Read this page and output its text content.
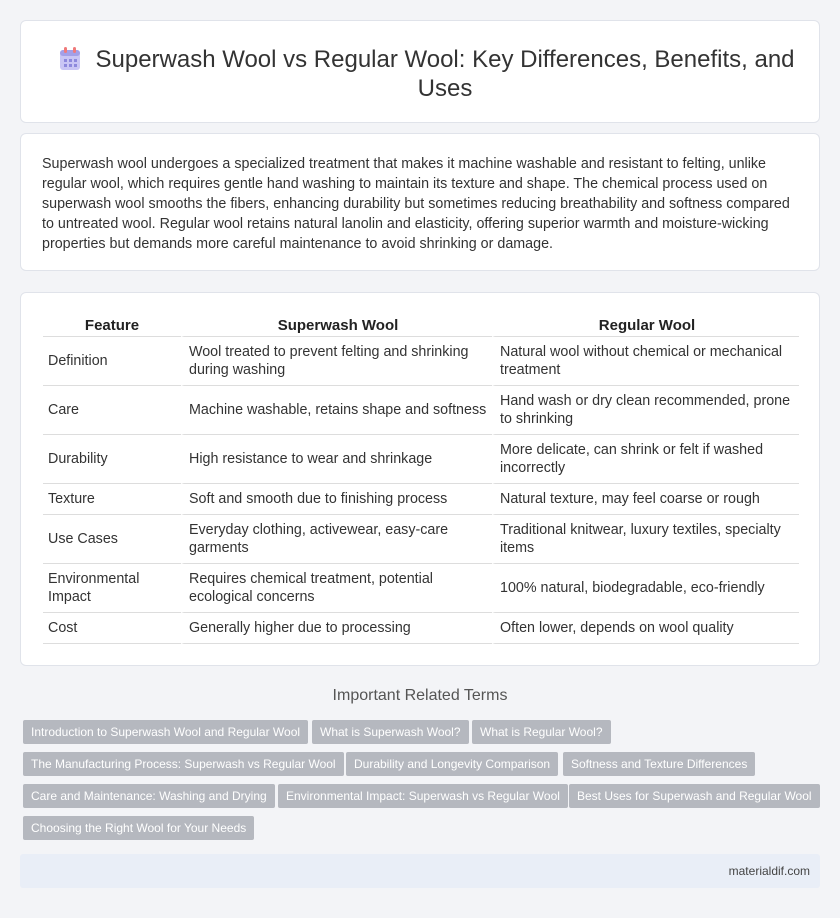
Superwash Wool vs Regular Wool: Key Differences, Benefits, and Uses

Superwash wool undergoes a specialized treatment that makes it machine washable and resistant to felting, unlike regular wool, which requires gentle hand washing to maintain its texture and shape. The chemical process used on superwash wool smooths the fibers, enhancing durability but sometimes reducing breathability and softness compared to untreated wool. Regular wool retains natural lanolin and elasticity, offering superior warmth and moisture-wicking properties but demands more careful maintenance to avoid shrinking or damage.

Feature	Superwash Wool	Regular Wool
Definition	Wool treated to prevent felting and shrinking during washing	Natural wool without chemical or mechanical treatment
Care	Machine washable, retains shape and softness	Hand wash or dry clean recommended, prone to shrinking
Durability	High resistance to wear and shrinkage	More delicate, can shrink or felt if washed incorrectly
Texture	Soft and smooth due to finishing process	Natural texture, may feel coarse or rough
Use Cases	Everyday clothing, activewear, easy-care garments	Traditional knitwear, luxury textiles, specialty items
Environmental Impact	Requires chemical treatment, potential ecological concerns	100% natural, biodegradable, eco-friendly
Cost	Generally higher due to processing	Often lower, depends on wool quality
Important Related Terms
Introduction to Superwash Wool and Regular Wool	What is Superwash Wool?	What is Regular Wool?
The Manufacturing Process: Superwash vs Regular Wool	Durability and Longevity Comparison	Softness and Texture Differences
Care and Maintenance: Washing and Drying	Environmental Impact: Superwash vs Regular Wool	Best Uses for Superwash and Regular Wool
Choosing the Right Wool for Your Needs
materialdif.com
